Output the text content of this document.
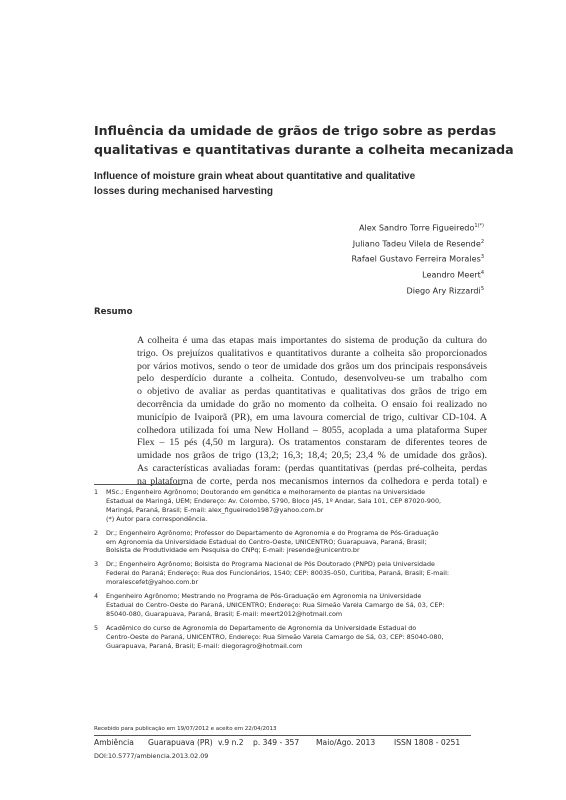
Influência da umidade de grãos de trigo sobre as perdas
qualitativas e quantitativas durante a colheita mecanizada
Influence of moisture grain wheat about quantitative and qualitative
losses during mechanised harvesting
Alex Sandro Torre Figueiredo$^{1(*)}$
Juliano Tadeu Vilela de Resende$^2$
Rafael Gustavo Ferreira Morales$^3$
Leandro Meert$^4$
Diego Ary Rizzardi$^5$
Resumo
A colheita é uma das etapas mais importantes do sistema de produção da cultura do
trigo. Os prejuízos qualitativos e quantitativos durante a colheita são proporcionados
por vários motivos, sendo o teor de umidade dos grãos um dos principais responsáveis
pelo desperdício durante a colheita. Contudo, desenvolveu-se um trabalho com
o objetivo de avaliar as perdas quantitativas e qualitativas dos grãos de trigo em
decorrência da umidade do grão no momento da colheita. O ensaio foi realizado no
município de Ivaiporã (PR), em uma lavoura comercial de trigo, cultivar CD-104. A
colhedora utilizada foi uma New Holland – 8055, acoplada a uma plataforma Super
Flex – 15 pés (4,50 m largura). Os tratamentos constaram de diferentes teores de
umidade nos grãos de trigo (13,2; 16,3; 18,4; 20,5; 23,4 % de umidade dos grãos).
As características avaliadas foram: (perdas quantitativas (perdas pré-colheita, perdas
na plataforma de corte, perda nos mecanismos internos da colhedora e perda total) e
1 MSc.; Engenheiro Agrônomo; Doutorando em genética e melhoramento de plantas na Universidade
Estadual de Maringá, UEM; Endereço: Av. Colombo, 5790, Bloco J45, 1º Andar, Sala 101, CEP 87020-900,
Maringá, Paraná, Brasil; E-mail: alex_figueiredo1987@yahoo.com.br
(*) Autor para correspondência.
2 Dr.; Engenheiro Agrônomo; Professor do Departamento de Agronomia e do Programa de Pós-Graduação
em Agronomia da Universidade Estadual do Centro-Oeste, UNICENTRO; Guarapuava, Paraná, Brasil;
Bolsista de Produtividade em Pesquisa do CNPq; E-mail: jresende@unicentro.br
3 Dr.; Engenheiro Agrônomo; Bolsista do Programa Nacional de Pós Doutorado (PNPD) pela Universidade
Federal do Paraná; Endereço: Rua dos Funcionários, 1540; CEP: 80035-050, Curitiba, Paraná, Brasil; E-mail:
moralescefet@yahoo.com.br
4 Engenheiro Agrônomo; Mestrando no Programa de Pós-Graduação em Agronomia na Universidade
Estadual do Centro-Oeste do Paraná, UNICENTRO; Endereço: Rua Simeão Varela Camargo de Sá, 03, CEP:
85040-080, Guarapuava, Paraná, Brasil; E-mail: meert2012@hotmail.com
5 Acadêmico do curso de Agronomia do Departamento de Agronomia da Universidade Estadual do
Centro-Oeste do Paraná, UNICENTRO, Endereço: Rua Simeão Varela Camargo de Sá, 03, CEP: 85040-080,
Guarapuava, Paraná, Brasil; E-mail: diegoragro@hotmail.com
Recebido para publicação em 19/07/2012 e aceito em 22/04/2013
Ambiência Guarapuava (PR) v.9 n.2 p. 349 - 357 Maio/Ago. 2013 ISSN 1808 - 0251
DOI:10.5777/ambiencia.2013.02.09
